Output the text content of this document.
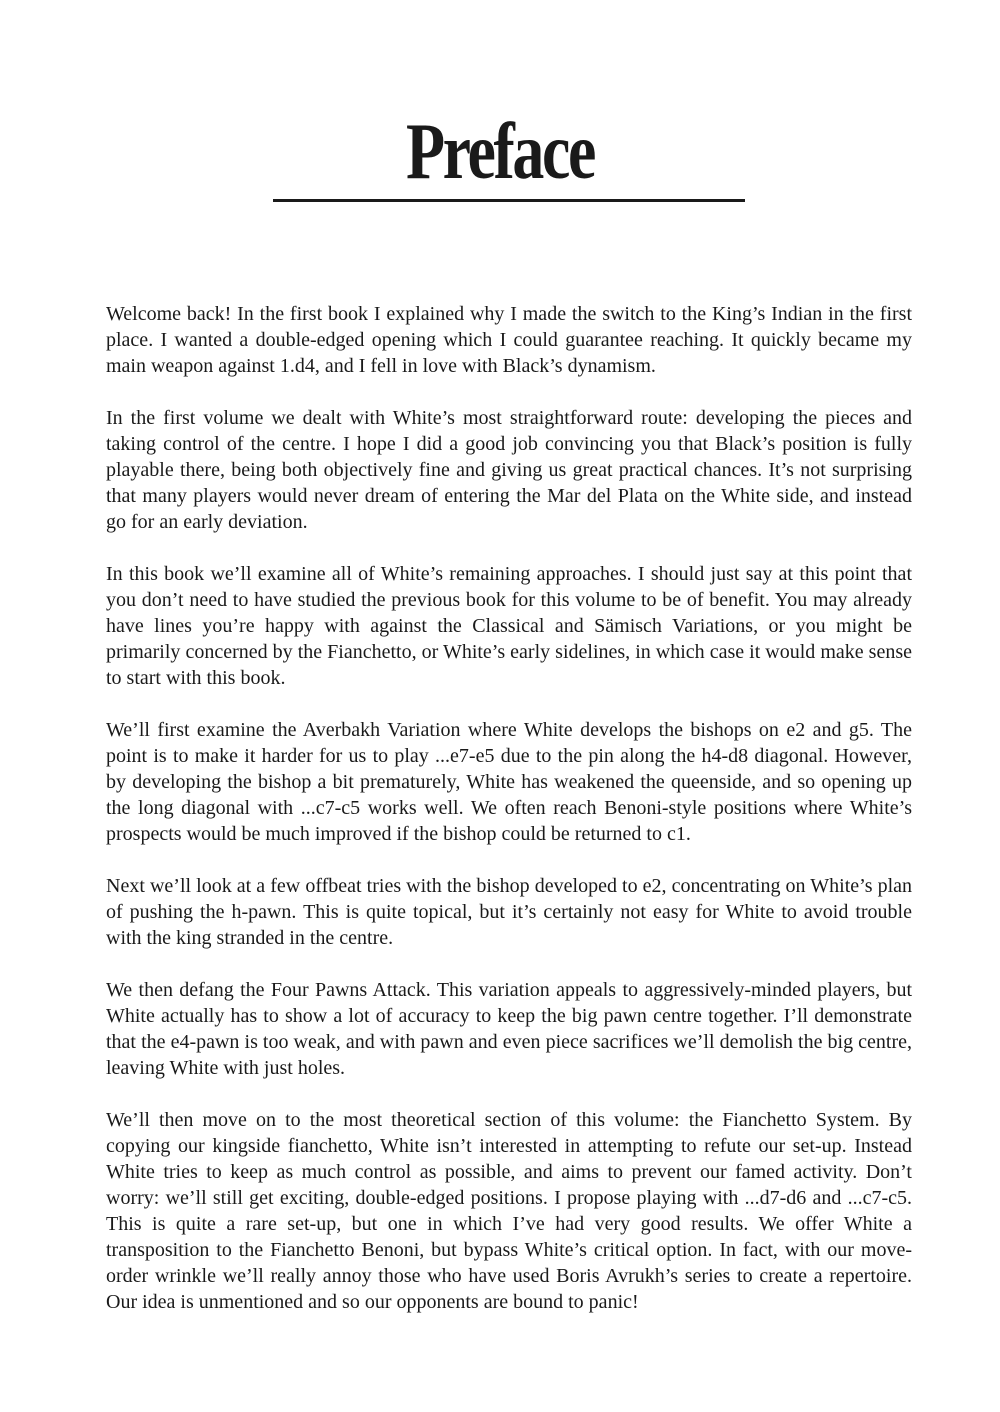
Preface

Welcome back! In the first book I explained why I made the switch to the King’s Indian in the first place. I wanted a double-edged opening which I could guarantee reaching. It quickly became my main weapon against 1.d4, and I fell in love with Black’s dynamism.

In the first volume we dealt with White’s most straightforward route: developing the pieces and taking control of the centre. I hope I did a good job convincing you that Black’s position is fully playable there, being both objectively fine and giving us great practical chances. It’s not surprising that many players would never dream of entering the Mar del Plata on the White side, and instead go for an early deviation.

In this book we’ll examine all of White’s remaining approaches. I should just say at this point that you don’t need to have studied the previous book for this volume to be of benefit. You may already have lines you’re happy with against the Classical and Sämisch Variations, or you might be primarily concerned by the Fianchetto, or White’s early sidelines, in which case it would make sense to start with this book.

We’ll first examine the Averbakh Variation where White develops the bishops on e2 and g5. The point is to make it harder for us to play ...e7-e5 due to the pin along the h4-d8 diagonal. However, by developing the bishop a bit prematurely, White has weakened the queenside, and so opening up the long diagonal with ...c7-c5 works well. We often reach Benoni-style positions where White’s prospects would be much improved if the bishop could be returned to c1.

Next we’ll look at a few offbeat tries with the bishop developed to e2, concentrating on White’s plan of pushing the h-pawn. This is quite topical, but it’s certainly not easy for White to avoid trouble with the king stranded in the centre.

We then defang the Four Pawns Attack. This variation appeals to aggressively-minded players, but White actually has to show a lot of accuracy to keep the big pawn centre together. I’ll demonstrate that the e4-pawn is too weak, and with pawn and even piece sacrifices we’ll demolish the big centre, leaving White with just holes.

We’ll then move on to the most theoretical section of this volume: the Fianchetto System. By copying our kingside fianchetto, White isn’t interested in attempting to refute our set-up. Instead White tries to keep as much control as possible, and aims to prevent our famed activity. Don’t worry: we’ll still get exciting, double-edged positions. I propose playing with ...d7-d6 and ...c7-c5. This is quite a rare set-up, but one in which I’ve had very good results. We offer White a transposition to the Fianchetto Benoni, but bypass White’s critical option. In fact, with our move-order wrinkle we’ll really annoy those who have used Boris Avrukh’s series to create a repertoire. Our idea is unmentioned and so our opponents are bound to panic!
